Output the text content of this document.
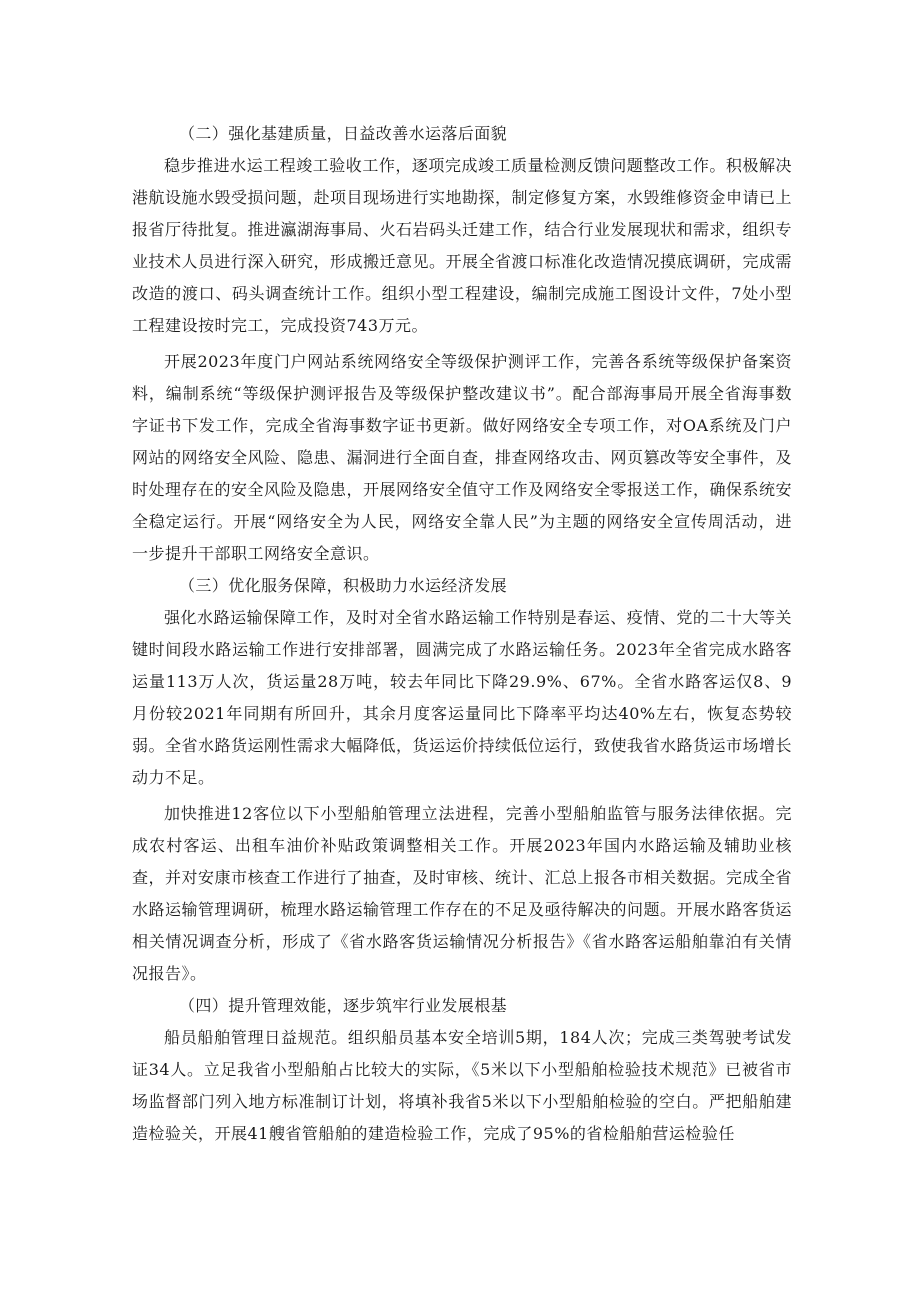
（二）强化基建质量，日益改善水运落后面貌

稳步推进水运工程竣工验收工作，逐项完成竣工质量检测反馈问题整改工作。积极解决港航设施水毁受损问题，赴项目现场进行实地勘探，制定修复方案，水毁维修资金申请已上报省厅待批复。推进瀛湖海事局、火石岩码头迁建工作，结合行业发展现状和需求，组织专业技术人员进行深入研究，形成搬迁意见。开展全省渡口标准化改造情况摸底调研，完成需改造的渡口、码头调查统计工作。组织小型工程建设，编制完成施工图设计文件，7处小型工程建设按时完工，完成投资743万元。

开展2023年度门户网站系统网络安全等级保护测评工作，完善各系统等级保护备案资料，编制系统“等级保护测评报告及等级保护整改建议书”。配合部海事局开展全省海事数字证书下发工作，完成全省海事数字证书更新。做好网络安全专项工作，对OA系统及门户网站的网络安全风险、隐患、漏洞进行全面自查，排查网络攻击、网页篡改等安全事件，及时处理存在的安全风险及隐患，开展网络安全值守工作及网络安全零报送工作，确保系统安全稳定运行。开展“网络安全为人民，网络安全靠人民”为主题的网络安全宣传周活动，进一步提升干部职工网络安全意识。

（三）优化服务保障，积极助力水运经济发展

强化水路运输保障工作，及时对全省水路运输工作特别是春运、疫情、党的二十大等关键时间段水路运输工作进行安排部署，圆满完成了水路运输任务。2023年全省完成水路客运量113万人次，货运量28万吨，较去年同比下降29.9%、67%。全省水路客运仅8、9月份较2021年同期有所回升，其余月度客运量同比下降率平均达40%左右，恢复态势较弱。全省水路货运刚性需求大幅降低，货运运价持续低位运行，致使我省水路货运市场增长动力不足。

加快推进12客位以下小型船舶管理立法进程，完善小型船舶监管与服务法律依据。完成农村客运、出租车油价补贴政策调整相关工作。开展2023年国内水路运输及辅助业核查，并对安康市核查工作进行了抽查，及时审核、统计、汇总上报各市相关数据。完成全省水路运输管理调研，梳理水路运输管理工作存在的不足及亟待解决的问题。开展水路客货运相关情况调查分析，形成了《省水路客货运输情况分析报告》《省水路客运船舶靠泊有关情况报告》。

（四）提升管理效能，逐步筑牢行业发展根基

船员船舶管理日益规范。组织船员基本安全培训5期，184人次；完成三类驾驶考试发证34人。立足我省小型船舶占比较大的实际，《5米以下小型船舶检验技术规范》已被省市场监督部门列入地方标准制订计划，将填补我省5米以下小型船舶检验的空白。严把船舶建造检验关，开展41艘省管船舶的建造检验工作，完成了95%的省检船舶营运检验任
